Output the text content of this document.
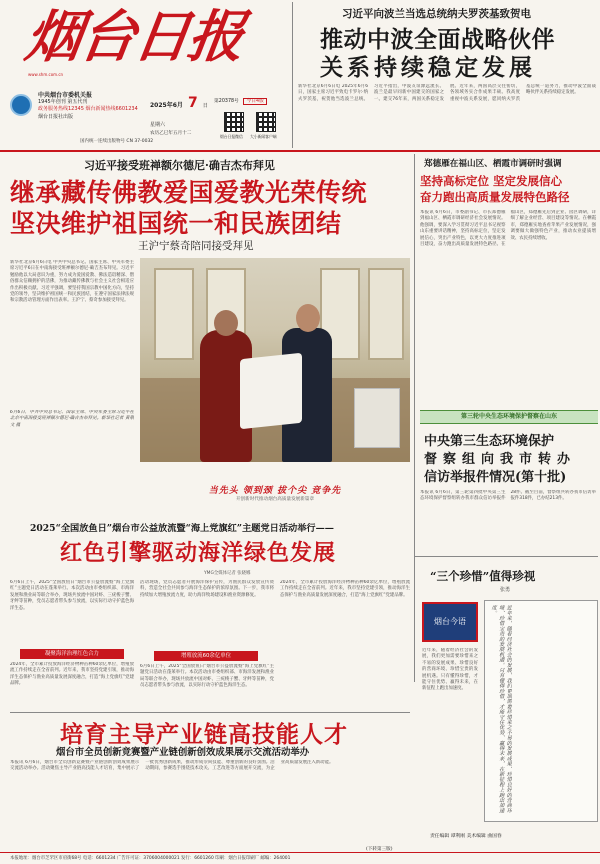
烟台日报
www.shm.com.cn
中共烟台市委机关报
1945年创刊 第五代刊
政务服务热线12345 烟台新闻热线6601234
烟台日报社出版
国内统一连续出版物号 CN 37-0032
2025年6月 7 日 星期六
农历乙巳年五月十二
第20378号 今日4版
烟台日报微信 大小新闻客户端
习近平向波兰当选总统纳夫罗茨基致贺电
推动中波全面战略伙伴
关系持续稳定发展
新华社北京6月6日电 2025年6月6日，国家主席习近平致电卡罗尔·纳夫罗茨基，祝贺他当选波兰总统。习近平指出，中波友谊源远流长。波兰是最早同新中国建交的国家之一。建交76年来，两国关系稳定发展。近年来，两国高层交往密切，各领域务实合作成果丰硕。我高度重视中波关系发展，愿同纳夫罗茨基总统一道努力，推动中波全面战略伙伴关系持续稳定发展。
习近平接受班禅额尔德尼·确吉杰布拜见
继承藏传佛教爱国爱教光荣传统
坚决维护祖国统一和民族团结
王沪宁蔡奇陪同接受拜见
新华社北京6月6日电 中共中央总书记、国家主席、中央军委主席习近平6日在中南海接受班禅额尔德尼·确吉杰布拜见。习近平勉励他以大局意识为重，努力成为爱国爱教、佛法造诣精深、僧俗群众信赖拥护的活佛，为推动藏传佛教与社会主义社会相适应作出积极贡献。习近平强调，要坚持我国宗教中国化方向，坚持党的领导，坚决维护祖国统一和民族团结，在遵守国家法律法规和宗教活动管理方面作出表率。王沪宁、蔡奇参加接受拜见。
6月6日，中共中央总书记、国家主席、中央军委主席习近平在北京中南海接受班禅额尔德尼·确吉杰布拜见。新华社记者 黄敬文 摄
郑德雁在福山区、栖霞市调研时强调
坚持高标定位 坚定发展信心
奋力跑出高质量发展特色路径
本报讯 6月6日，市委副书记、市长郑德雁到福山区、栖霞市调研经济社会发展情况。他强调，要深入学习贯彻习近平总书记视察山东重要讲话精神，坚持高标定位，坚定发展信心，突出产业特色，以更大力度推进项目建设，奋力跑出高质量发展特色路径。在福山区，郑德雁先后到企业、园区调研，详细了解企业经营、项目建设等情况。在栖霞市，郑德雁实地查看苹果产业发展情况，强调要做大做强特色产业，推动农业提质增效、农民持续增收。
第三轮中央生态环境保护督察在山东
中央第三生态环境保护
督察组向我市转办
信访举报件情况(第十批)
本报讯 6月6日，第三轮第四批中央第三生态环境保护督察组转办我市群众信访举报件28件。截至目前，督察组共转办我市信访举报件318件，已办结213件。
当先头 领到颈 拔个尖 竞争先
开创新时代推动烟台高质量发展新篇章
2025“全国放鱼日”烟台市公益放流暨“海上党旗红”主题党日活动举行——
红色引擎驱动海洋绿色发展
YMG全媒体记者 张晓娜
6月6日上午，2025“全国放鱼日”烟台市公益放流暨“海上党旗红”主题党日活动在蓬莱举行。本次活动由市委组织部、市海洋发展和渔业局等联合举办，现场共放流中国对虾、三疣梭子蟹、牙鲆等苗种，党员志愿者带头参与放流，以实际行动守护蓝色海洋生态。
凝聚海洋治理红色合力
2024年，全市累计投放海洋经济物种苗种60余亿单位，增殖放流工作持续走在全省前列。近年来，我市坚持党建引领，推动海洋生态保护与渔业高质量发展深度融合，打造“海上党旗红”党建品牌。
活动现场，党员志愿者开展海洋保护宣传，为渔民群众发放宣传资料，营造全社会共同参与海洋生态保护的浓厚氛围。下一步，我市将持续加大增殖放流力度，助力海洋牧场建设和渔业资源修复。
增殖放流60余亿单位
6月6日上午，2025“全国放鱼日”烟台市公益放流暨“海上党旗红”主题党日活动在蓬莱举行。本次活动由市委组织部、市海洋发展和渔业局等联合举办，现场共放流中国对虾、三疣梭子蟹、牙鲆等苗种，党员志愿者带头参与放流，以实际行动守护蓝色海洋生态。
2024年，全市累计投放海洋经济物种苗种60余亿单位，增殖放流工作持续走在全省前列。近年来，我市坚持党建引领，推动海洋生态保护与渔业高质量发展深度融合，打造“海上党旗红”党建品牌。
“三个珍惜”值得珍视
张勇
烟台今语	近年来，随着经济社会的发展，我们更加需要珍惜来之不易的发展成果、珍惜良好的营商环境、珍惜宝贵的发展机遇。只有懂得珍惜，才能守住优势、赢得未来，在新征程上跑出加速度。
近年来，随着经济社会的发展，我们更加需要珍惜来之不易的发展成果、珍惜良好的营商环境、珍惜宝贵的发展机遇。只有懂得珍惜，才能守住优势、赢得未来，在新征程上跑出加速度。
责任编辑 谭利刚 美术编辑 曲国春
培育主导产业链高技能人才
烟台市全员创新竞赛暨产业链创新创效成果展示交流活动举办
本报讯 6月6日，烟台市全员创新竞赛暨产业链创新创效成果展示交流活动举办。活动聚焦主导产业链高技能人才培育，集中展示了一批优秀创新成果，推动形成崇尚技能、尊重创新的良好氛围。活动期间，参赛选手围绕技术攻关、工艺改进等方面展开交流，为企业高质量发展注入新动能。
(下转第三版)
本报地址：烟台市芝罘区市府街68号 电话：6601234 广告许可证：3706004000021 发行：6601260 印刷：烟台日报印刷厂 邮编：264001
